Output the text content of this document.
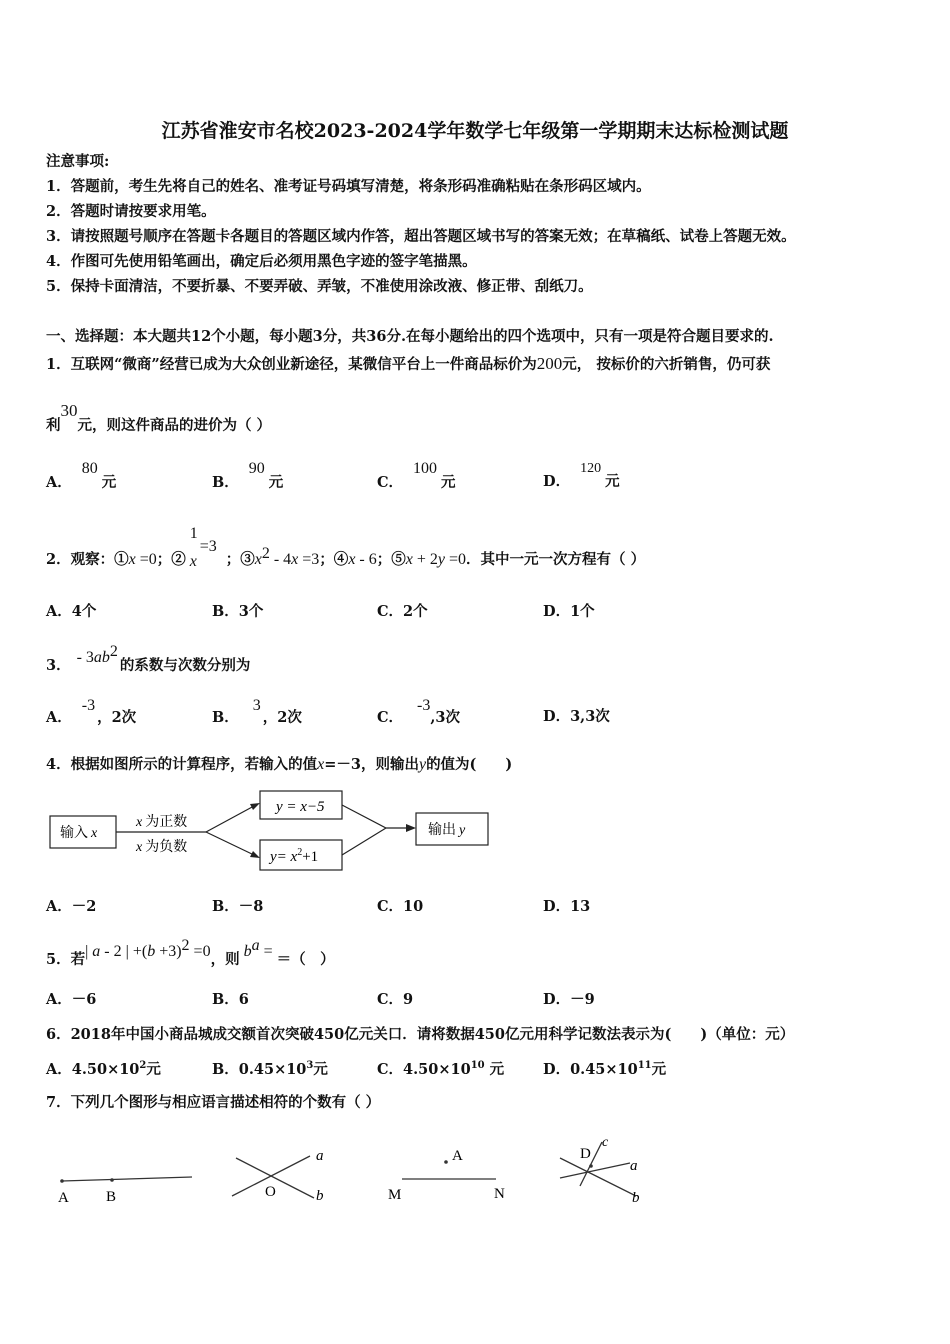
江苏省淮安市名校2023-2024学年数学七年级第一学期期末达标检测试题
注意事项:
1．答题前，考生先将自己的姓名、准考证号码填写清楚，将条形码准确粘贴在条形码区域内。
2．答题时请按要求用笔。
3．请按照题号顺序在答题卡各题目的答题区域内作答，超出答题区域书写的答案无效；在草稿纸、试卷上答题无效。
4．作图可先使用铅笔画出，确定后必须用黑色字迹的签字笔描黑。
5．保持卡面清洁，不要折暴、不要弄破、弄皱，不准使用涂改液、修正带、刮纸刀。
一、选择题：本大题共12个小题，每小题3分，共36分.在每小题给出的四个选项中，只有一项是符合题目要求的.
1．互联网“微商”经营已成为大众创业新途径，某微信平台上一件商品标价为200元， 按标价的六折销售，仍可获
利30元，则这件商品的进价为（ ）
A．80元	B．90元	C．100元	D．120元
2．观察：①x =0；②
1
x
=3
；$③x^2 - 4x =3$；④x - 6；⑤x + 2y =0．其中一元一次方程有（ ）
A．4个	B．3个	C．2个	D．1个
3． - $3ab^2$的系数与次数分别为
A．-3，2次	B．3，2次	C．-3,3次	D．3,3次
4．根据如图所示的计算程序，若输入的值x=－3，则输出y的值为(　　)
输入 x
x 为正数
x 为负数
y = x−5
$y= x^2+1$
输出 y
A．－2	B．－8	C．10	D．13
5．若| a - 2 | $+(b +3)^2 =0$，则 $b^a$ = ＝（　）
A．－6	B．6	C．9	D．－9
6．2018年中国小商品城成交额首次突破450亿元关口．请将数据450亿元用科学记数法表示为(　　)（单位：元）
A．$4.50\times 10^2$元	B．$0.45\times 10^3$元	C．$4.50\times 10^{10}$ 元	D．$0.45\times 10^{11}$元
7．下列几个图形与相应语言描述相符的个数有（ ）
A B
a
O	b
A
M	N
D
c
a
b
